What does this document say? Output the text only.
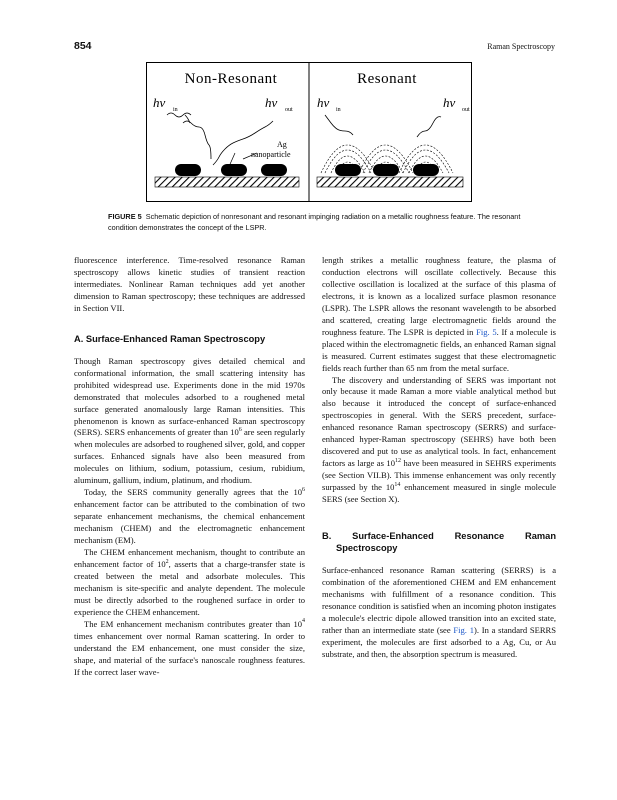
854	Raman Spectroscopy
Non-Resonant	Resonant
hν in	hν out hν in	hν out
Ag
nanoparticle
FIGURE 5 Schematic depiction of nonresonant and resonant impinging radiation on a metallic roughness feature. The resonant condition demonstrates the concept of the LSPR.

fluorescence interference. Time-resolved resonance Raman spectroscopy allows kinetic studies of transient reaction intermediates. Nonlinear Raman techniques add yet another dimension to Raman spectroscopy; these techniques are addressed in Section VII.

A. Surface-Enhanced Raman Spectroscopy

Though Raman spectroscopy gives detailed chemical and conformational information, the small scattering intensity has prohibited widespread use. Experiments done in the mid 1970s demonstrated that molecules adsorbed to a roughened metal surface generated anomalously large Raman intensities. This phenomenon is known as surface-enhanced Raman spectroscopy (SERS). SERS enhancements of greater than $10^6$ are seen regularly when molecules are adsorbed to roughened silver, gold, and copper surfaces. Enhanced signals have also been measured from molecules on lithium, sodium, potassium, cesium, rubidium, aluminum, gallium, indium, platinum, and rhodium.

Today, the SERS community generally agrees that the $10^6$ enhancement factor can be attributed to the combination of two separate enhancement mechanisms, the chemical enhancement mechanism (CHEM) and the electromagnetic enhancement mechanism (EM).

The CHEM enhancement mechanism, thought to contribute an enhancement factor of $10^2$, asserts that a charge-transfer state is created between the metal and adsorbate molecules. This mechanism is site-specific and analyte dependent. The molecule must be directly adsorbed to the roughened surface in order to experience the CHEM enhancement.

The EM enhancement mechanism contributes greater than $10^4$ times enhancement over normal Raman scattering. In order to understand the EM enhancement, one must consider the size, shape, and material of the surface's nanoscale roughness features. If the correct laser wave-

length strikes a metallic roughness feature, the plasma of conduction electrons will oscillate collectively. Because this collective oscillation is localized at the surface of this plasma of electrons, it is known as a localized surface plasmon resonance (LSPR). The LSPR allows the resonant wavelength to be absorbed and scattered, creating large electromagnetic fields around the roughness feature. The LSPR is depicted in Fig. 5. If a molecule is placed within the electromagnetic fields, an enhanced Raman signal is measured. Current estimates suggest that these electromagnetic fields reach further than 65 nm from the metal surface.

The discovery and understanding of SERS was important not only because it made Raman a more viable analytical method but also because it introduced the concept of surface-enhanced spectroscopies in general. With the SERS precedent, surface-enhanced resonance Raman spectroscopy (SERRS) and surface-enhanced hyper-Raman spectroscopy (SEHRS) have both been discovered and put to use as analytical tools. In fact, enhancement factors as large as $10^{12}$ have been measured in SEHRS experiments (see Section VII.B). This immense enhancement was only recently surpassed by the $10^{14}$ enhancement measured in single molecule SERS (see Section X).

B. Surface-Enhanced Resonance Raman Spectroscopy

Surface-enhanced resonance Raman scattering (SERRS) is a combination of the aforementioned CHEM and EM enhancement mechanisms with fulfillment of a resonance condition. This resonance condition is satisfied when an incoming photon instigates a molecule's electric dipole allowed transition into an excited state, rather than an intermediate state (see Fig. 1). In a standard SERRS experiment, the molecules are first adsorbed to a Ag, Cu, or Au substrate, and then, the absorption spectrum is measured.
